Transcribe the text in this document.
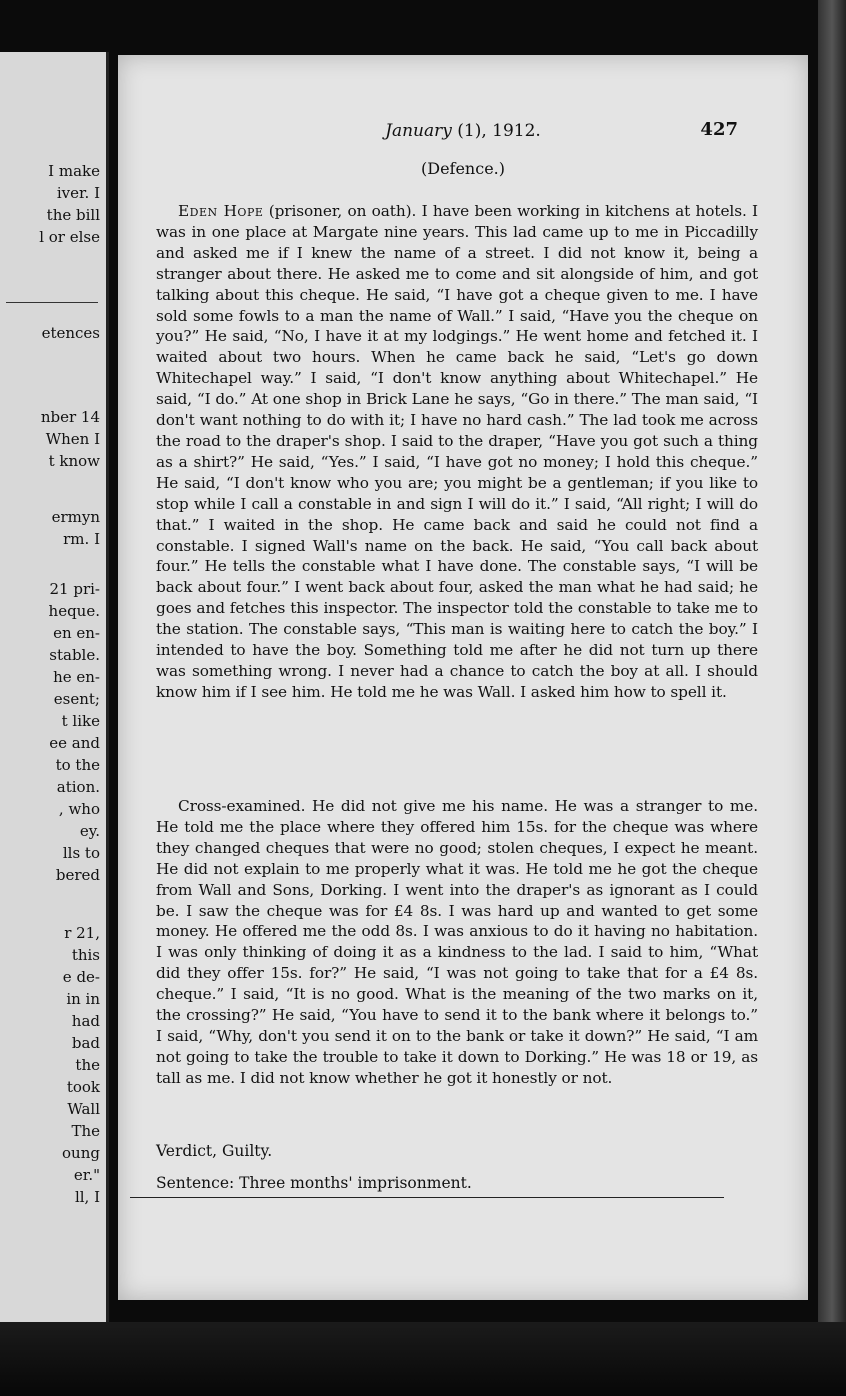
I make
iver. I
the bill
l or else
etences
nber 14
When I
t know
ermyn
rm. I
21 pri-
heque.
en en-
stable.
he en-
esent;
t like
ee and
to the
ation.
, who
ey.
lls to
bered
r 21,
this
e de-
in in
had
bad
the
took
Wall
The
oung
er."
ll, I
January (1), 1912.	427
(Defence.)

Eden Hope (prisoner, on oath). I have been working in kitchens at hotels. I was in one place at Margate nine years. This lad came up to me in Piccadilly and asked me if I knew the name of a street. I did not know it, being a stranger about there. He asked me to come and sit alongside of him, and got talking about this cheque. He said, “I have got a cheque given to me. I have sold some fowls to a man the name of Wall.” I said, “Have you the cheque on you?” He said, “No, I have it at my lodgings.” He went home and fetched it. I waited about two hours. When he came back he said, “Let's go down Whitechapel way.” I said, “I don't know anything about Whitechapel.” He said, “I do.” At one shop in Brick Lane he says, “Go in there.” The man said, “I don't want nothing to do with it; I have no hard cash.” The lad took me across the road to the draper's shop. I said to the draper, “Have you got such a thing as a shirt?” He said, “Yes.” I said, “I have got no money; I hold this cheque.” He said, “I don't know who you are; you might be a gentleman; if you like to stop while I call a constable in and sign I will do it.” I said, “All right; I will do that.” I waited in the shop. He came back and said he could not find a constable. I signed Wall's name on the back. He said, “You call back about four.” He tells the constable what I have done. The constable says, “I will be back about four.” I went back about four, asked the man what he had said; he goes and fetches this inspector. The inspector told the constable to take me to the station. The constable says, “This man is waiting here to catch the boy.” I intended to have the boy. Something told me after he did not turn up there was something wrong. I never had a chance to catch the boy at all. I should know him if I see him. He told me he was Wall. I asked him how to spell it.

Cross-examined. He did not give me his name. He was a stranger to me. He told me the place where they offered him 15s. for the cheque was where they changed cheques that were no good; stolen cheques, I expect he meant. He did not explain to me properly what it was. He told me he got the cheque from Wall and Sons, Dorking. I went into the draper's as ignorant as I could be. I saw the cheque was for £4 8s. I was hard up and wanted to get some money. He offered me the odd 8s. I was anxious to do it having no habitation. I was only thinking of doing it as a kindness to the lad. I said to him, “What did they offer 15s. for?” He said, “I was not going to take that for a £4 8s. cheque.” I said, “It is no good. What is the meaning of the two marks on it, the crossing?” He said, “You have to send it to the bank where it belongs to.” I said, “Why, don't you send it on to the bank or take it down?” He said, “I am not going to take the trouble to take it down to Dorking.” He was 18 or 19, as tall as me. I did not know whether he got it honestly or not.

Verdict, Guilty.
Sentence: Three months' imprisonment.
